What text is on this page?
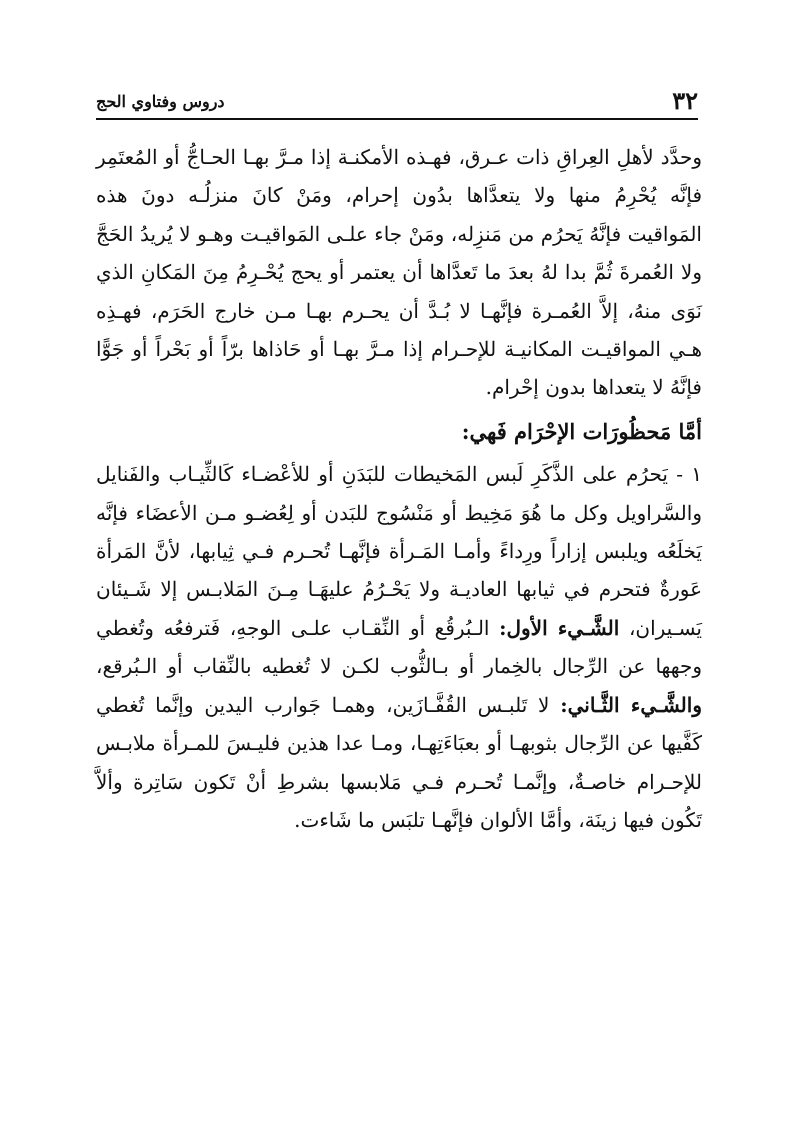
٣٢
دروس وفتاوي الحج

وحدَّد لأهلِ العِراقِ ذات عـرق، فهـذه الأمكنـة إذا مـرَّ بهـا الحـاجُّ أو المُعتَمِر فإنَّه يُحْرِمُ منها ولا يتعدَّاها بدُون إحرام، ومَنْ كانَ منزلُـه دونَ هذه المَواقيت فإنَّهُ يَحرُم من مَنزِله، ومَنْ جاء علـى المَواقيـت وهـو لا يُريدُ الحَجَّ ولا العُمرةَ ثُمَّ بدا لهُ بعدَ ما تَعدَّاها أن يعتمر أو يحج يُحْـرِمُ مِنَ المَكانِ الذي نَوَى منهُ، إلاَّ العُمـرة فإنَّهـا لا بُـدَّ أن يحـرم بهـا مـن خارج الحَرَم، فهـذِه هـي المواقيـت المكانيـة للإحـرام إذا مـرَّ بهـا أو حَاذاها برّاً أو بَحْراً أو جَوًّا فإنَّهُ لا يتعداها بدون إحْرام.

أمَّا مَحظُورَات الإحْرَام فَهي:

١ - يَحرُم على الذَّكَرِ لَبس المَخيطات للبَدَنِ أو للأعْضـاء كَالثِّيـاب والفَنايل والسَّراويل وكل ما هُوَ مَخِيط أو مَنْسُوج للبَدن أو لِعُضـو مـن الأعضَاء فإنَّه يَخلَعُه ويلبس إزاراً ورِداءً وأمـا المَـرأة فإنَّهـا تُحـرم فـي ثِيابها، لأنَّ المَرأة عَورةٌ فتحرم في ثيابها العاديـة ولا يَحْـرُمُ عليهَـا مِـنَ المَلابـس إلا شَـيئان يَسـيران، الشَّـيء الأول: الـبُرقُع أو النِّقـاب علـى الوجهِ، فَترفعُه وتُغطي وجهها عن الرِّجال بالخِمار أو بـالثُّوب لكـن لا تُغطيه بالنِّقاب أو الـبُرقع، والشَّـيء الثَّـاني: لا تَلبـس القُفَّـازَين، وهمـا جَوارب اليدين وإنَّما تُغطي كَفَّيها عن الرِّجال بثوبهـا أو بعبَاءَتِهـا، ومـا عدا هذين فليـسَ للمـرأة ملابـس للإحـرام خاصـةٌ، وإنَّمـا تُحـرم فـي مَلابسها بشرطِ أنْ تَكون سَاتِرة وألاَّ تَكُون فيها زينَة، وأمَّا الألوان فإنَّهـا تلبَس ما شَاءت.
